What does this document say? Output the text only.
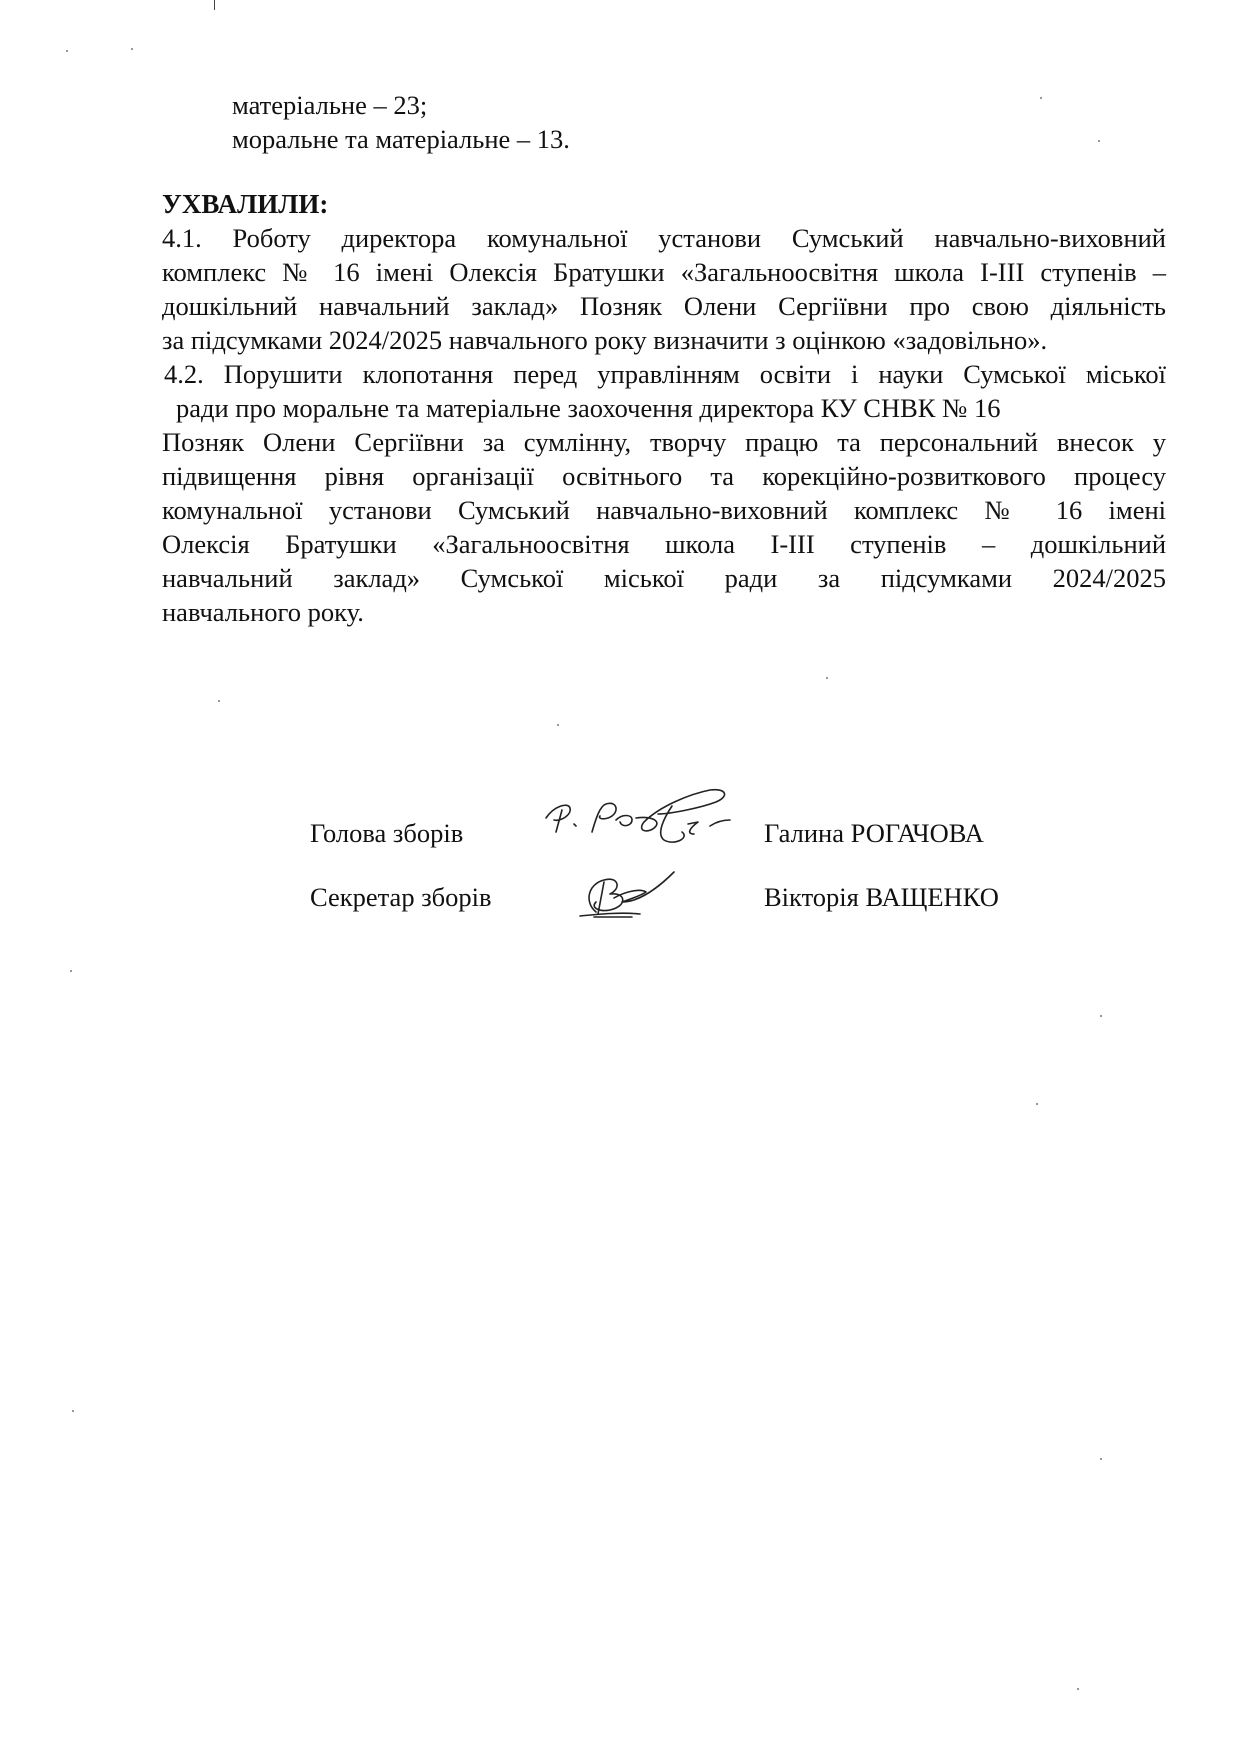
матеріальне – 23;
моральне та матеріальне – 13.
УХВАЛИЛИ:
4.1. Роботу директора комунальної установи Сумський навчально-виховний
комплекс № 16 імені Олексія Братушки «Загальноосвітня школа І-ІІІ ступенів –
дошкільний навчальний заклад» Позняк Олени Сергіївни про свою діяльність
за підсумками 2024/2025 навчального року визначити з оцінкою «задовільно».
4.2. Порушити клопотання перед управлінням освіти і науки Сумської міської
ради про моральне та матеріальне заохочення директора КУ СНВК № 16
Позняк Олени Сергіївни за сумлінну, творчу працю та персональний внесок у
підвищення рівня організації освітнього та корекційно-розвиткового процесу
комунальної установи Сумський навчально-виховний комплекс № 16 імені
Олексія Братушки «Загальноосвітня школа І-ІІІ ступенів – дошкільний
навчальний заклад» Сумської міської ради за підсумками 2024/2025
навчального року.
Голова зборів	Галина РОГАЧОВА
Секретар зборів	Вікторія ВАЩЕНКО
